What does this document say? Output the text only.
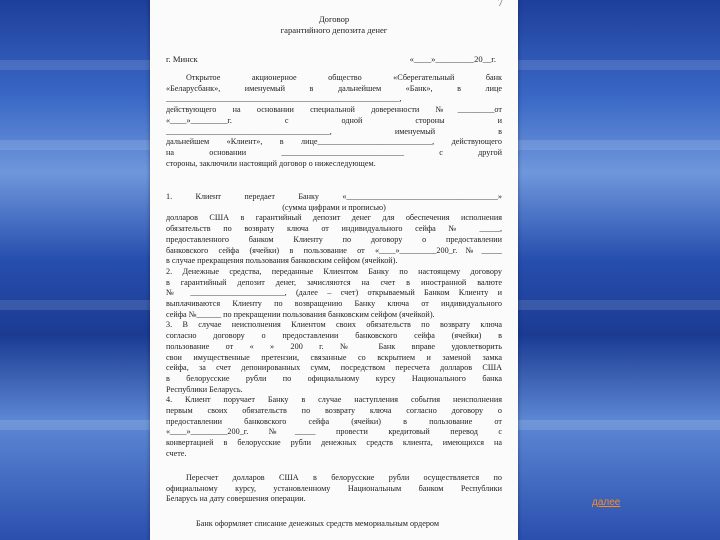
7
Договор
гарантийного депозита денег
г. Минск	«____»_________20__г.
Открытое акционерное общество «Сберегательный банк
«Беларусбанк», именуемый в дальнейшем «Банк», в лице
_________________________________________________________,
действующего на основании специальной доверенности №_________от
«____»_________г. с одной стороны и
________________________________________, именуемый в
дальнейшем «Клиент», в лице____________________________, действующего
на основании ______________________________ с другой
стороны, заключили настоящий договор о нижеследующем.
1. Клиент передает Банку «_____________________________________»
(сумма цифрами и прописью)
долларов США в гарантийный депозит денег для обеспечения исполнения
обязательств по возврату ключа от индивидуального сейфа № _____,
предоставленного банком Клиенту по договору о предоставлении
банковского сейфа (ячейки) в пользование от «____»_________200_г.№_____
в случае прекращения пользования банковским сейфом (ячейкой).
2. Денежные средства, переданные Клиентом Банку по настоящему договору
в гарантийный депозит денег, зачисляются на счет в иностранной валюте
№ _______________________, (далее – счет) открываемый Банком Клиенту и
выплачиваются Клиенту по возвращению Банку ключа от индивидуального
сейфа №______ по прекращении пользования банковским сейфом (ячейкой).
3. В случае неисполнения Клиентом своих обязательств по возврату ключа
согласно договору о предоставлении банковского сейфа (ячейки) в
пользование от « » 200 г. № Банк вправе удовлетворить
свои имущественные претензии, связанные со вскрытием и заменой замка
сейфа, за счет депонированных сумм, посредством пересчета долларов США
в белорусские рубли по официальному курсу Национального банка
Республики Беларусь.
4. Клиент поручает Банку в случае наступления события неисполнения
первым своих обязательств по возврату ключа согласно договору о
предоставлении банковского сейфа (ячейки) в пользование от
«____»_________200_г. №_____ провести кредитовый перевод с
конвертацией в белорусские рубли денежных средств клиента, имеющихся на
счете.
Пересчет долларов США в белорусские рубли осуществляется по
официальному курсу, установленному Национальным банком Республики
Беларусь на дату совершения операции.
Банк оформляет списание денежных средств мемориальным ордером
далее
